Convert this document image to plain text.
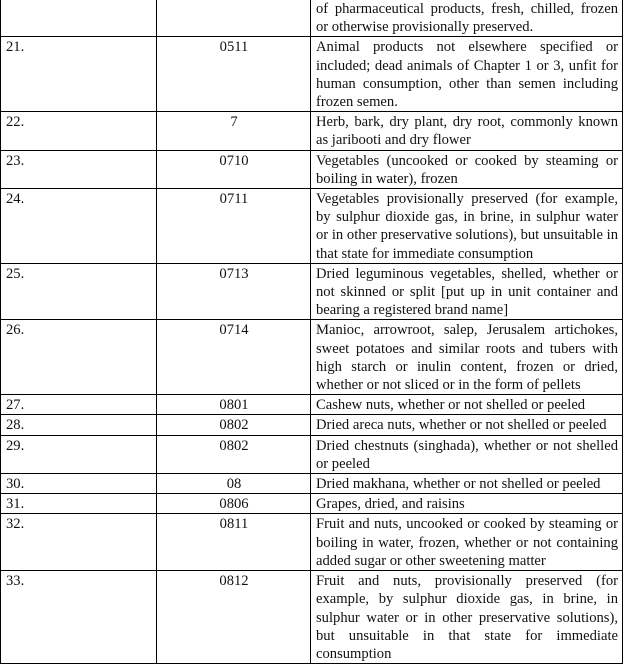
		of pharmaceutical products, fresh, chilled, frozen or otherwise provisionally preserved.
21.	0511	Animal products not elsewhere specified or included; dead animals of Chapter 1 or 3, unfit for human consumption, other than semen including frozen semen.
22.	7	Herb, bark, dry plant, dry root, commonly known as jaribooti and dry flower
23.	0710	Vegetables (uncooked or cooked by steaming or boiling in water), frozen
24.	0711	Vegetables provisionally preserved (for example, by sulphur dioxide gas, in brine, in sulphur water or in other preservative solutions), but unsuitable in that state for immediate consumption
25.	0713	Dried leguminous vegetables, shelled, whether or not skinned or split [put up in unit container and bearing a registered brand name]
26.	0714	Manioc, arrowroot, salep, Jerusalem artichokes, sweet potatoes and similar roots and tubers with high starch or inulin content, frozen or dried, whether or not sliced or in the form of pellets
27.	0801	Cashew nuts, whether or not shelled or peeled
28.	0802	Dried areca nuts, whether or not shelled or peeled
29.	0802	Dried chestnuts (singhada), whether or not shelled or peeled
30.	08	Dried makhana, whether or not shelled or peeled
31.	0806	Grapes, dried, and raisins
32.	0811	Fruit and nuts, uncooked or cooked by steaming or boiling in water, frozen, whether or not containing added sugar or other sweetening matter
33.	0812	Fruit and nuts, provisionally preserved (for example, by sulphur dioxide gas, in brine, in sulphur water or in other preservative solutions), but unsuitable in that state for immediate consumption
